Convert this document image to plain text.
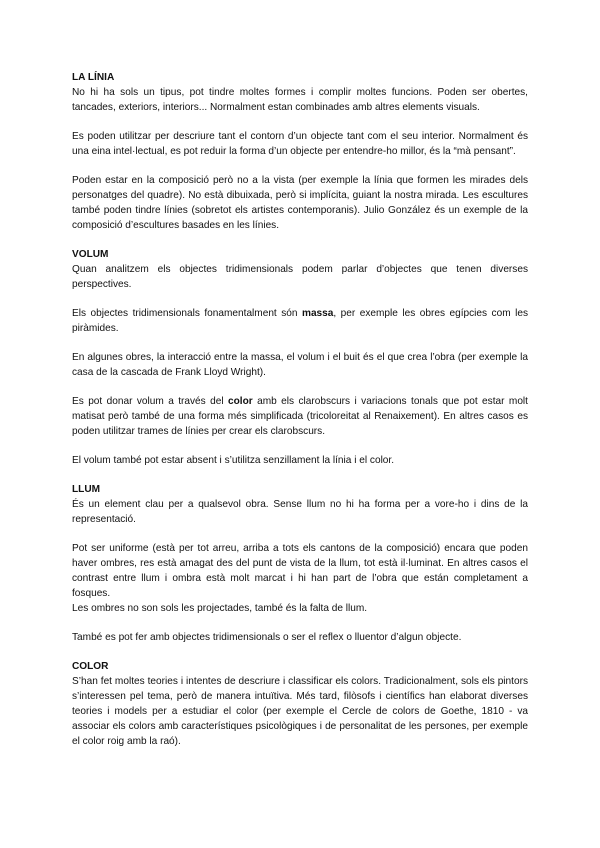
LA LÍNIA

No hi ha sols un tipus, pot tindre moltes formes i complir moltes funcions. Poden ser obertes, tancades, exteriors, interiors... Normalment estan combinades amb altres elements visuals.

Es poden utilitzar per descriure tant el contorn d’un objecte tant com el seu interior. Normalment és una eina intel·lectual, es pot reduir la forma d’un objecte per entendre-ho millor, és la “mà pensant”.

Poden estar en la composició però no a la vista (per exemple la línia que formen les mirades dels personatges del quadre). No està dibuixada, però si implícita, guiant la nostra mirada. Les escultures també poden tindre línies (sobretot els artistes contemporanis). Julio González és un exemple de la composició d’escultures basades en les línies.

VOLUM

Quan analitzem els objectes tridimensionals podem parlar d’objectes que tenen diverses perspectives.

Els objectes tridimensionals fonamentalment són massa, per exemple les obres egípcies com les piràmides.

En algunes obres, la interacció entre la massa, el volum i el buit és el que crea l’obra (per exemple la casa de la cascada de Frank Lloyd Wright).

Es pot donar volum a través del color amb els clarobscurs i variacions tonals que pot estar molt matisat però també de una forma més simplificada (tricoloreitat al Renaixement). En altres casos es poden utilitzar trames de línies per crear els clarobscurs.

El volum també pot estar absent i s’utilitza senzillament la línia i el color.

LLUM

És un element clau per a qualsevol obra. Sense llum no hi ha forma per a vore-ho i dins de la representació.

Pot ser uniforme (està per tot arreu, arriba a tots els cantons de la composició) encara que poden haver ombres, res està amagat des del punt de vista de la llum, tot està il·luminat. En altres casos el contrast entre llum i ombra està molt marcat i hi han part de l’obra que están completament a fosques.

Les ombres no son sols les projectades, també és la falta de llum.

També es pot fer amb objectes tridimensionals o ser el reflex o lluentor d’algun objecte.

COLOR

S’han fet moltes teories i intentes de descriure i classificar els colors. Tradicionalment, sols els pintors s’interessen pel tema, però de manera intuïtiva. Més tard, filòsofs i científics han elaborat diverses teories i models per a estudiar el color (per exemple el Cercle de colors de Goethe, 1810 - va associar els colors amb característiques psicològiques i de personalitat de les persones, per exemple el color roig amb la raó).
